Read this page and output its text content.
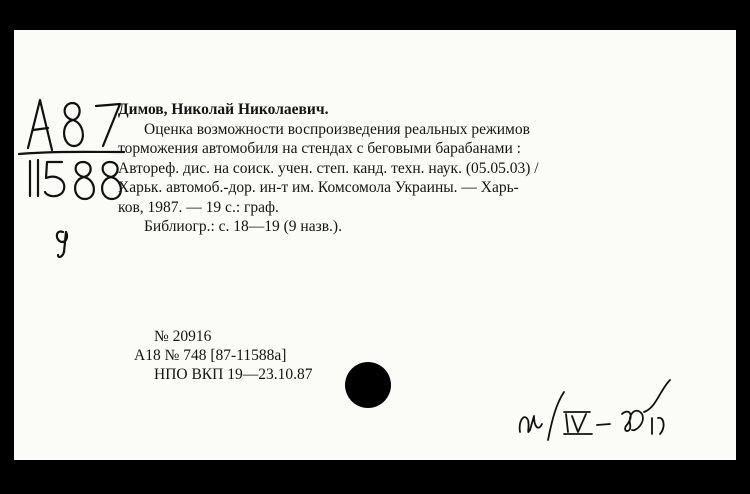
Димов, Николай Николаевич.
Оценка возможности воспроизведения реальных режимов
торможения автомобиля на стендах с беговыми барабанами :
Автореф. дис. на соиск. учен. степ. канд. техн. наук. (05.05.03) /
Харьк. автомоб.-дор. ин-т им. Комсомола Украины. — Харь-
ков, 1987. — 19 с.: граф.
Библиогр.: с. 18—19 (9 назв.).
№ 20916
А18 № 748 [87-11588а]
НПО ВКП 19—23.10.87
